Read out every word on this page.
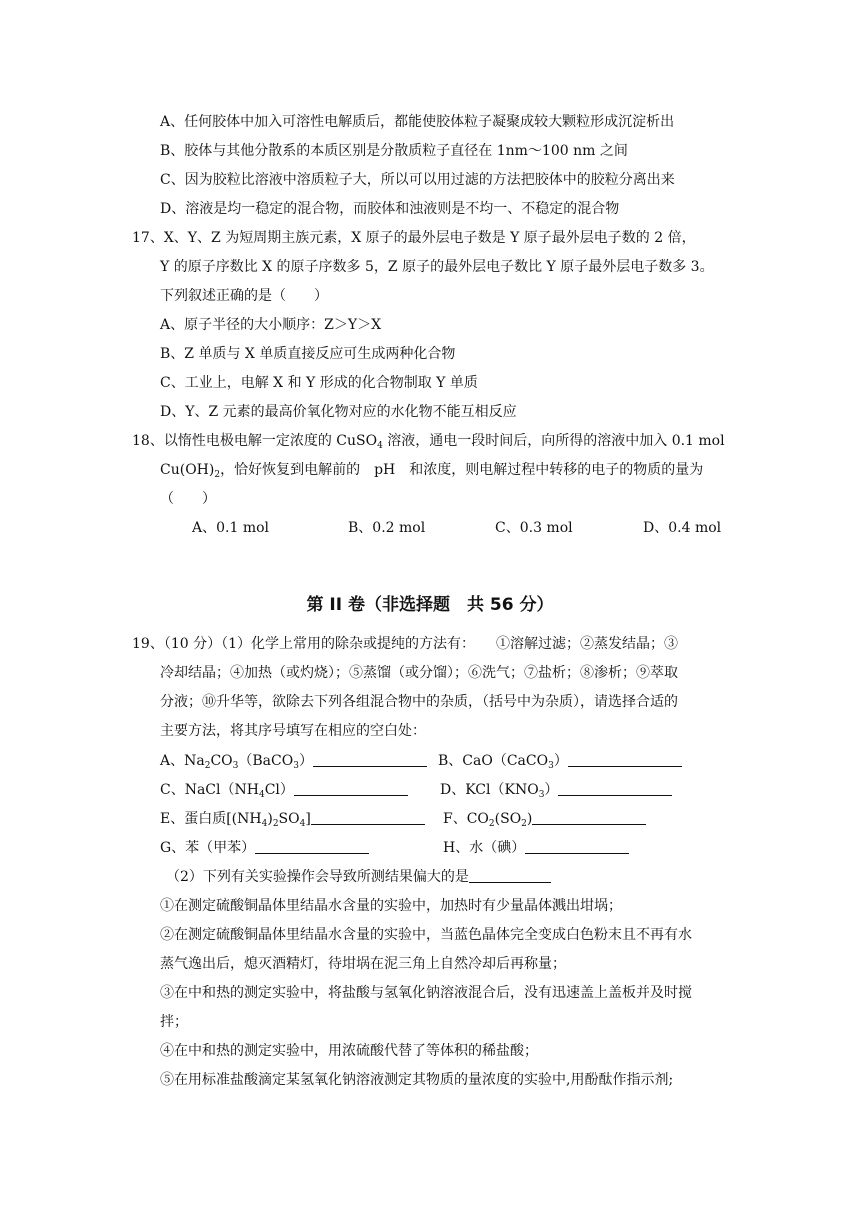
A、任何胶体中加入可溶性电解质后，都能使胶体粒子凝聚成较大颗粒形成沉淀析出
B、胶体与其他分散系的本质区别是分散质粒子直径在 1nm～100 nm 之间
C、因为胶粒比溶液中溶质粒子大，所以可以用过滤的方法把胶体中的胶粒分离出来
D、溶液是均一稳定的混合物，而胶体和浊液则是不均一、不稳定的混合物
17、X、Y、Z 为短周期主族元素，X 原子的最外层电子数是 Y 原子最外层电子数的 2 倍，
Y 的原子序数比 X 的原子序数多 5，Z 原子的最外层电子数比 Y 原子最外层电子数多 3。
下列叙述正确的是（　　）
A、原子半径的大小顺序：Z＞Y＞X
B、Z 单质与 X 单质直接反应可生成两种化合物
C、工业上，电解 X 和 Y 形成的化合物制取 Y 单质
D、Y、Z 元素的最高价氧化物对应的水化物不能互相反应
18、以惰性电极电解一定浓度的 CuSO$_4$ 溶液，通电一段时间后，向所得的溶液中加入 0.1 mol
$Cu(OH)_2$，恰好恢复到电解前的　pH　和浓度，则电解过程中转移的电子的物质的量为
（　　）
A、0.1 mol	B、0.2 mol	C、0.3 mol	D、0.4 mol
第 II 卷（非选择题　共 56 分）
19、（10 分）（1）化学上常用的除杂或提纯的方法有：　　①溶解过滤；②蒸发结晶；③
冷却结晶；④加热（或灼烧）；⑤蒸馏（或分馏）；⑥洗气；⑦盐析；⑧渗析；⑨萃取
分液；⑩升华等，欲除去下列各组混合物中的杂质，（括号中为杂质），请选择合适的
主要方法，将其序号填写在相应的空白处：
A、$Na_2CO_3(BaCO_3)$	B、CaO（CaCO$_3$）
C、$NaCl(NH_4Cl)$	D、$KCl(KNO_3)$
E、蛋白质$[(NH_4)_2SO_4]$	F、$CO_2(SO_2)$
G、苯（甲苯）	H、水（碘）
（2）下列有关实验操作会导致所测结果偏大的是
①在测定硫酸铜晶体里结晶水含量的实验中，加热时有少量晶体溅出坩埚；
②在测定硫酸铜晶体里结晶水含量的实验中，当蓝色晶体完全变成白色粉末且不再有水
蒸气逸出后，熄灭酒精灯，待坩埚在泥三角上自然冷却后再称量；
③在中和热的测定实验中，将盐酸与氢氧化钠溶液混合后，没有迅速盖上盖板并及时搅
拌；
④在中和热的测定实验中，用浓硫酸代替了等体积的稀盐酸；
⑤在用标准盐酸滴定某氢氧化钠溶液测定其物质的量浓度的实验中,用酚酞作指示剂;
